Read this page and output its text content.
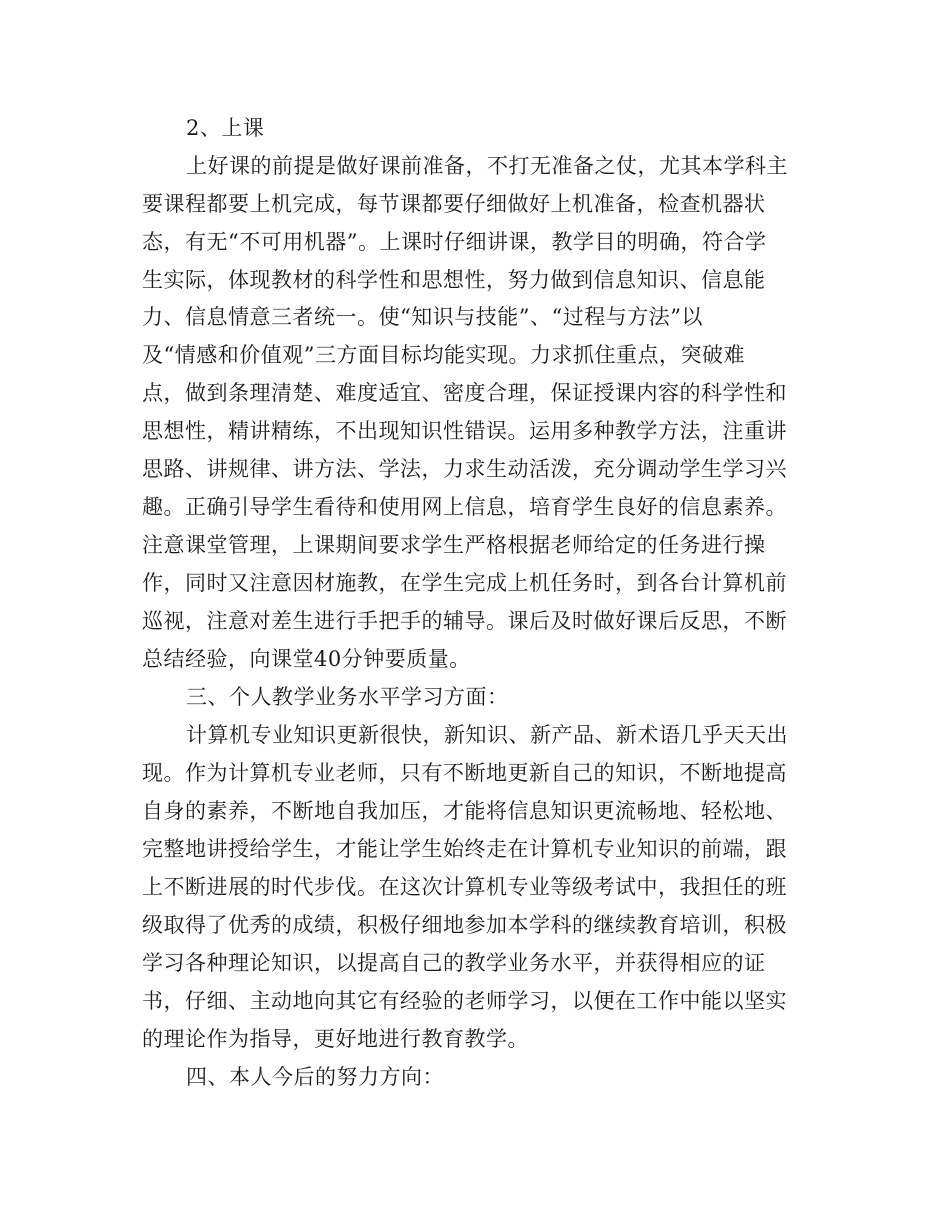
2、上课
上好课的前提是做好课前准备，不打无准备之仗，尤其本学科主
要课程都要上机完成，每节课都要仔细做好上机准备，检查机器状
态，有无“不可用机器”。上课时仔细讲课，教学目的明确，符合学
生实际，体现教材的科学性和思想性，努力做到信息知识、信息能
力、信息情意三者统一。使“知识与技能”、“过程与方法”以
及“情感和价值观”三方面目标均能实现。力求抓住重点，突破难
点，做到条理清楚、难度适宜、密度合理，保证授课内容的科学性和
思想性，精讲精练，不出现知识性错误。运用多种教学方法，注重讲
思路、讲规律、讲方法、学法，力求生动活泼，充分调动学生学习兴
趣。正确引导学生看待和使用网上信息，培育学生良好的信息素养。
注意课堂管理，上课期间要求学生严格根据老师给定的任务进行操
作，同时又注意因材施教，在学生完成上机任务时，到各台计算机前
巡视，注意对差生进行手把手的辅导。课后及时做好课后反思，不断
总结经验，向课堂40分钟要质量。
三、个人教学业务水平学习方面：
计算机专业知识更新很快，新知识、新产品、新术语几乎天天出
现。作为计算机专业老师，只有不断地更新自己的知识，不断地提高
自身的素养，不断地自我加压，才能将信息知识更流畅地、轻松地、
完整地讲授给学生，才能让学生始终走在计算机专业知识的前端，跟
上不断进展的时代步伐。在这次计算机专业等级考试中，我担任的班
级取得了优秀的成绩，积极仔细地参加本学科的继续教育培训，积极
学习各种理论知识，以提高自己的教学业务水平，并获得相应的证
书，仔细、主动地向其它有经验的老师学习，以便在工作中能以坚实
的理论作为指导，更好地进行教育教学。
四、本人今后的努力方向：
